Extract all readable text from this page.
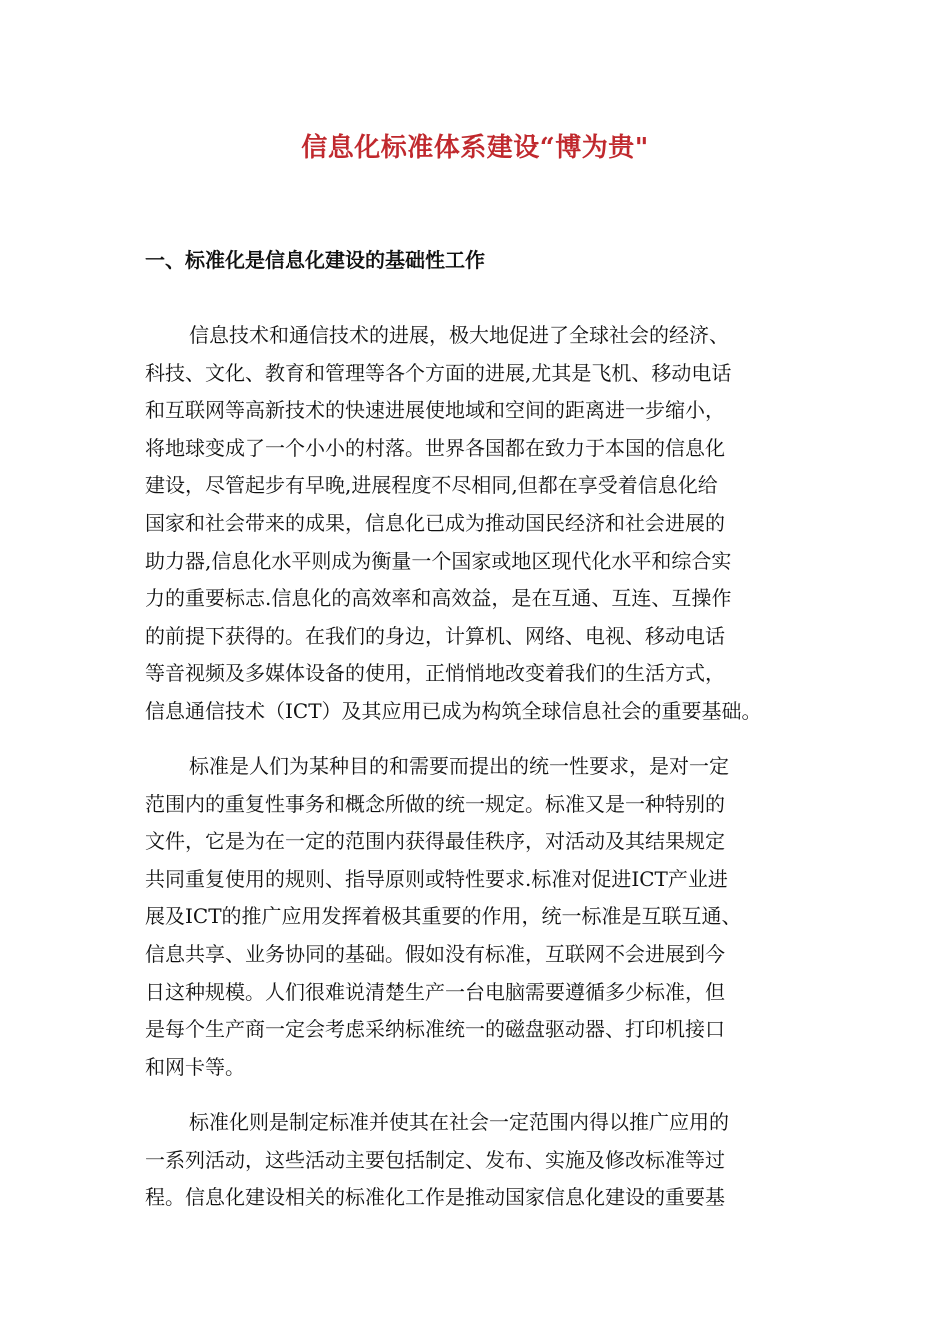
信息化标准体系建设“博为贵"
一、标准化是信息化建设的基础性工作
信息技术和通信技术的进展，极大地促进了全球社会的经济、
科技、文化、教育和管理等各个方面的进展,尤其是飞机、移动电话
和互联网等高新技术的快速进展使地域和空间的距离进一步缩小，
将地球变成了一个小小的村落。世界各国都在致力于本国的信息化
建设，尽管起步有早晚,进展程度不尽相同,但都在享受着信息化给
国家和社会带来的成果，信息化已成为推动国民经济和社会进展的
助力器,信息化水平则成为衡量一个国家或地区现代化水平和综合实
力的重要标志.信息化的高效率和高效益，是在互通、互连、互操作
的前提下获得的。在我们的身边，计算机、网络、电视、移动电话
等音视频及多媒体设备的使用，正悄悄地改变着我们的生活方式，
信息通信技术（ICT）及其应用已成为构筑全球信息社会的重要基础。
标准是人们为某种目的和需要而提出的统一性要求，是对一定
范围内的重复性事务和概念所做的统一规定。标准又是一种特别的
文件，它是为在一定的范围内获得最佳秩序，对活动及其结果规定
共同重复使用的规则、指导原则或特性要求.标准对促进ICT产业进
展及ICT的推广应用发挥着极其重要的作用，统一标准是互联互通、
信息共享、业务协同的基础。假如没有标准，互联网不会进展到今
日这种规模。人们很难说清楚生产一台电脑需要遵循多少标准，但
是每个生产商一定会考虑采纳标准统一的磁盘驱动器、打印机接口
和网卡等。
标准化则是制定标准并使其在社会一定范围内得以推广应用的
一系列活动，这些活动主要包括制定、发布、实施及修改标准等过
程。信息化建设相关的标准化工作是推动国家信息化建设的重要基
